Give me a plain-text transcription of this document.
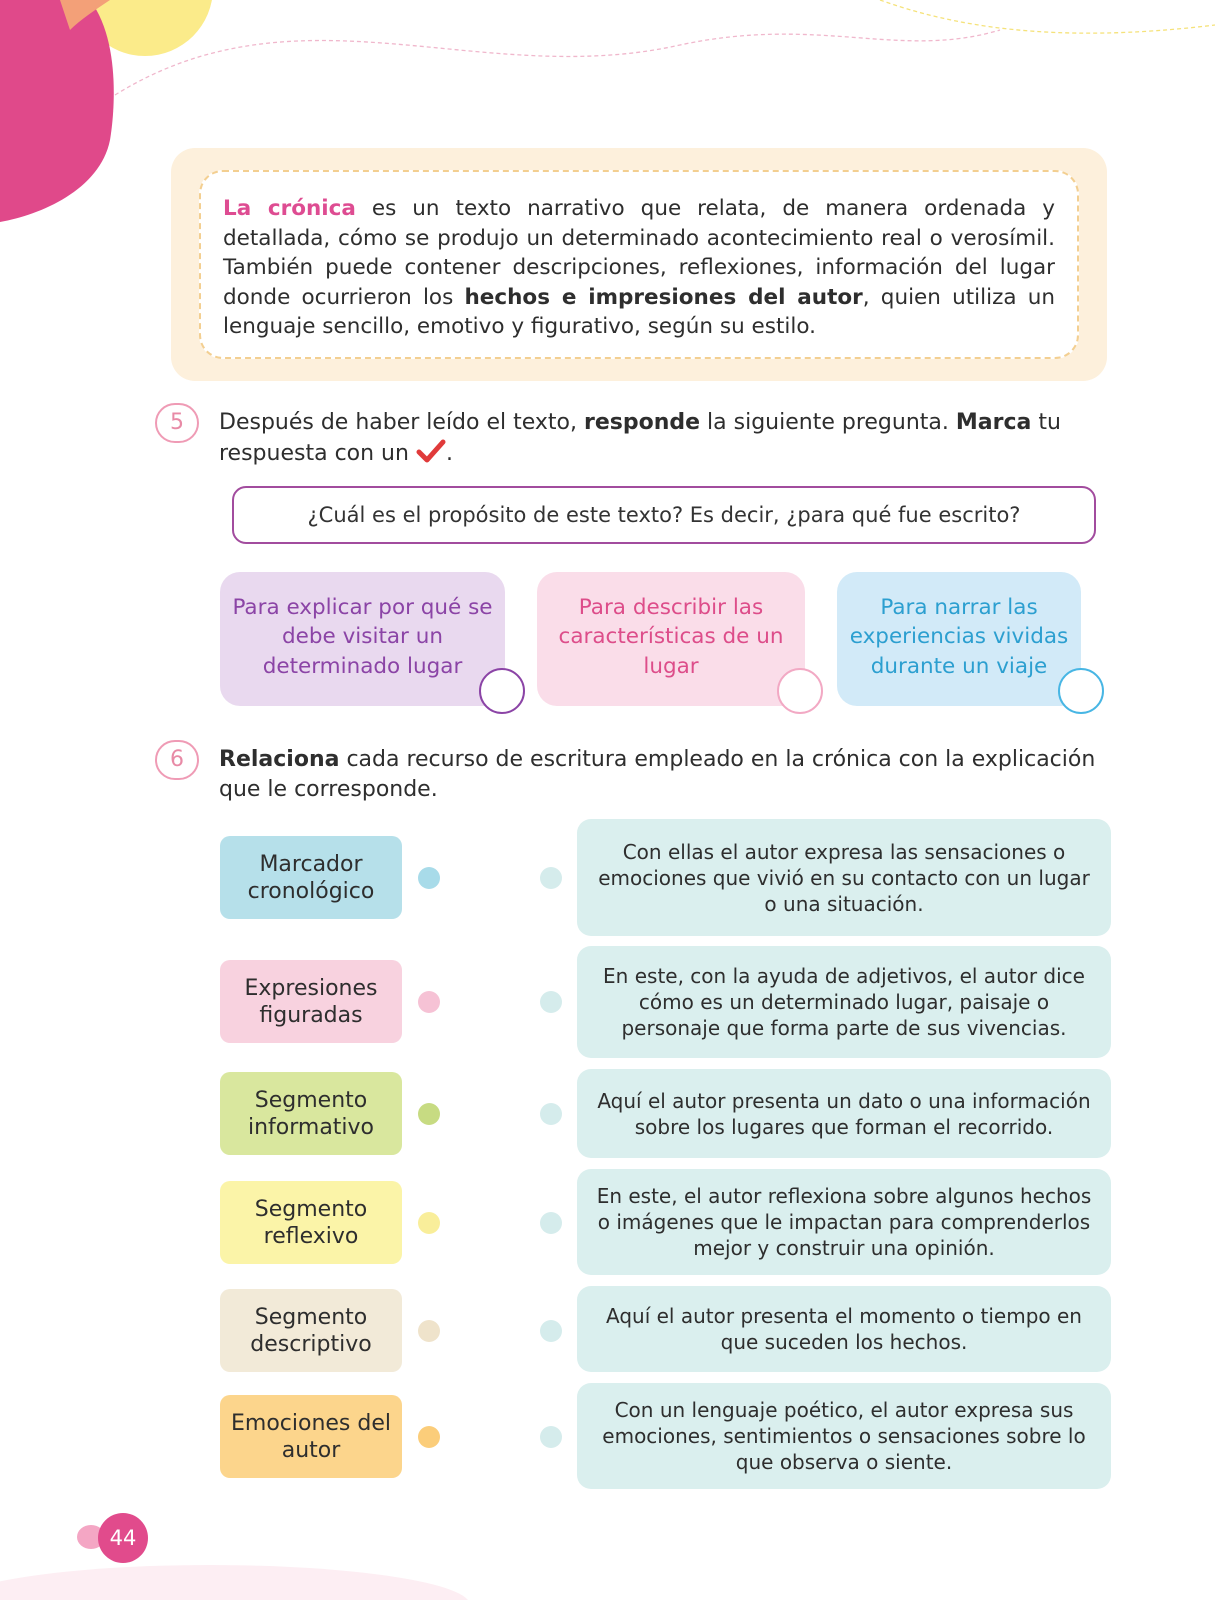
La crónica es un texto narrativo que relata, de manera ordenada y detallada, cómo se produjo un determinado acontecimiento real o verosímil. También puede contener descripciones, reflexiones, información del lugar donde ocurrieron los hechos e impresiones del autor, quien utiliza un lenguaje sencillo, emotivo y figurativo, según su estilo.

5	Después de haber leído el texto, responde la siguiente pregunta. Marca tu respuesta con un .
¿Cuál es el propósito de este texto? Es decir, ¿para qué fue escrito?
Para explicar por qué se debe visitar un determinado lugar
Para describir las características de un lugar
Para narrar las experiencias vividas durante un viaje
6	Relaciona cada recurso de escritura empleado en la crónica con la explicación que le corresponde.
Marcador cronológico
Expresiones figuradas
Segmento informativo
Segmento reflexivo
Segmento descriptivo
Emociones del autor
Con ellas el autor expresa las sensaciones o emociones que vivió en su contacto con un lugar o una situación.
En este, con la ayuda de adjetivos, el autor dice cómo es un determinado lugar, paisaje o personaje que forma parte de sus vivencias.
Aquí el autor presenta un dato o una información sobre los lugares que forman el recorrido.
En este, el autor reflexiona sobre algunos hechos o imágenes que le impactan para comprenderlos mejor y construir una opinión.
Aquí el autor presenta el momento o tiempo en que suceden los hechos.
Con un lenguaje poético, el autor expresa sus emociones, sentimientos o sensaciones sobre lo que observa o siente.
44
